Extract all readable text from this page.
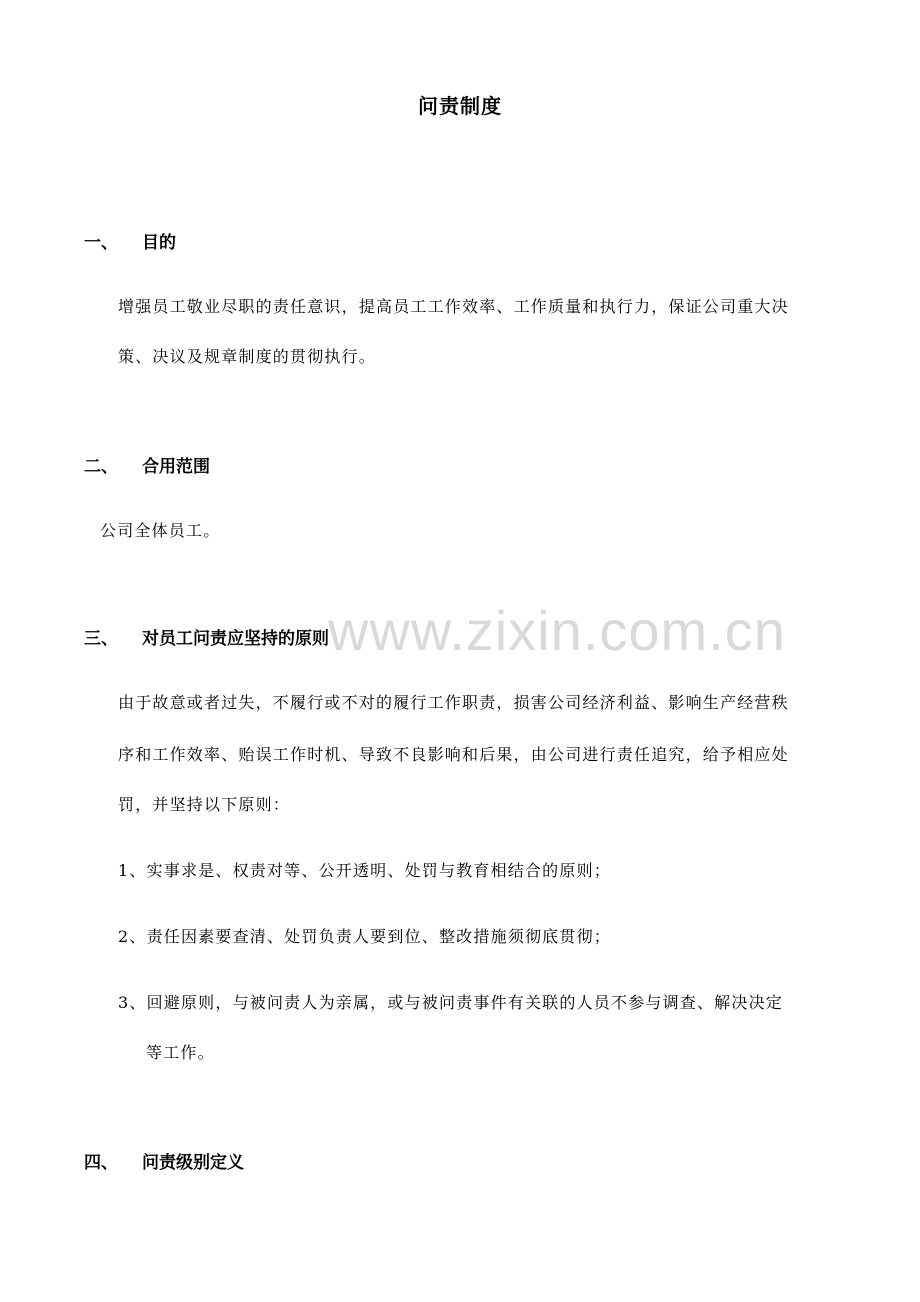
www.zixin.com.cn
问责制度
一、 目的
增强员工敬业尽职的责任意识，提高员工工作效率、工作质量和执行力，保证公司重大决
策、决议及规章制度的贯彻执行。
二、 合用范围
公司全体员工。
三、 对员工问责应坚持的原则
由于故意或者过失，不履行或不对的履行工作职责，损害公司经济利益、影响生产经营秩
序和工作效率、贻误工作时机、导致不良影响和后果，由公司进行责任追究，给予相应处
罚，并坚持以下原则：
1、实事求是、权责对等、公开透明、处罚与教育相结合的原则；
2、责任因素要查清、处罚负责人要到位、整改措施须彻底贯彻；
3、回避原则，与被问责人为亲属，或与被问责事件有关联的人员不参与调查、解决决定
等工作。
四、 问责级别定义
